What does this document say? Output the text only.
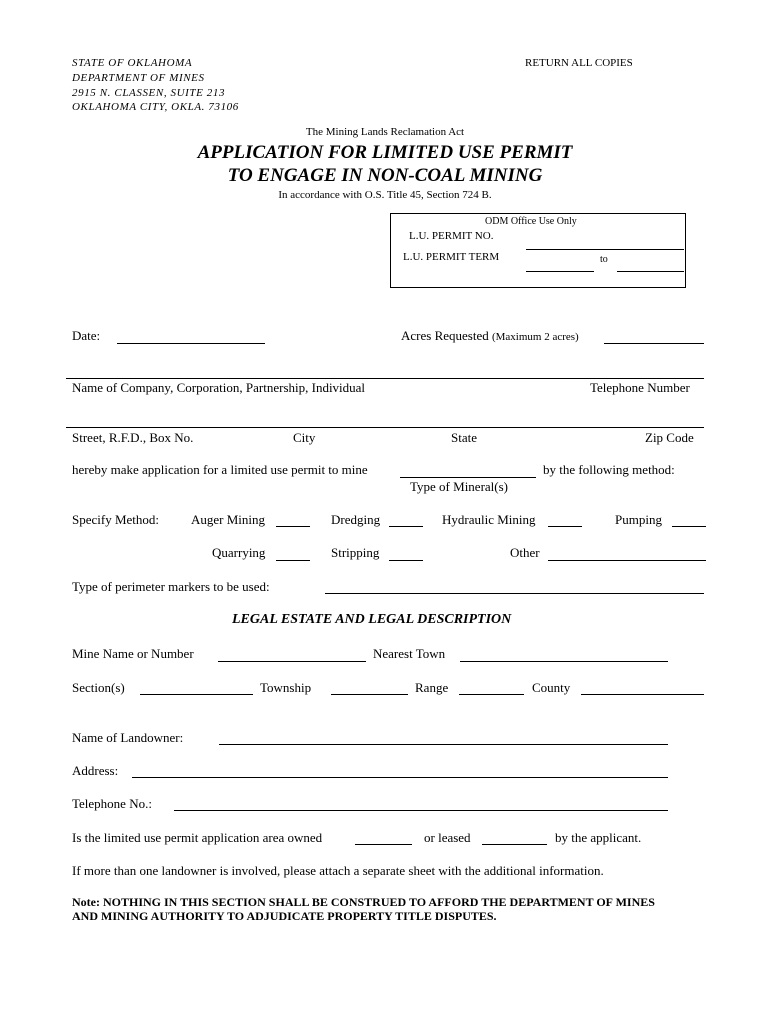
STATE OF OKLAHOMA
DEPARTMENT OF MINES
2915 N. CLASSEN, SUITE 213
OKLAHOMA CITY, OKLA. 73106
RETURN ALL COPIES
The Mining Lands Reclamation Act
APPLICATION FOR LIMITED USE PERMIT
TO ENGAGE IN NON-COAL MINING
In accordance with O.S. Title 45, Section 724 B.
ODM Office Use Only
L.U. PERMIT NO.
L.U. PERMIT TERM	to
Date:	Acres Requested (Maximum 2 acres)
Name of Company, Corporation, Partnership, Individual	Telephone Number
Street, R.F.D., Box No.	City	State	Zip Code
hereby make application for a limited use permit to mine	by the following method:
Type of Mineral(s)
Specify Method: Auger Mining	Dredging	Hydraulic Mining	Pumping
Quarrying	Stripping	Other
Type of perimeter markers to be used:
LEGAL ESTATE AND LEGAL DESCRIPTION
Mine Name or Number	Nearest Town
Section(s)	Township	Range	County
Name of Landowner:
Address:
Telephone No.:
Is the limited use permit application area owned	or leased	by the applicant.
If more than one landowner is involved, please attach a separate sheet with the additional information.
Note: NOTHING IN THIS SECTION SHALL BE CONSTRUED TO AFFORD THE DEPARTMENT OF MINES
AND MINING AUTHORITY TO ADJUDICATE PROPERTY TITLE DISPUTES.
